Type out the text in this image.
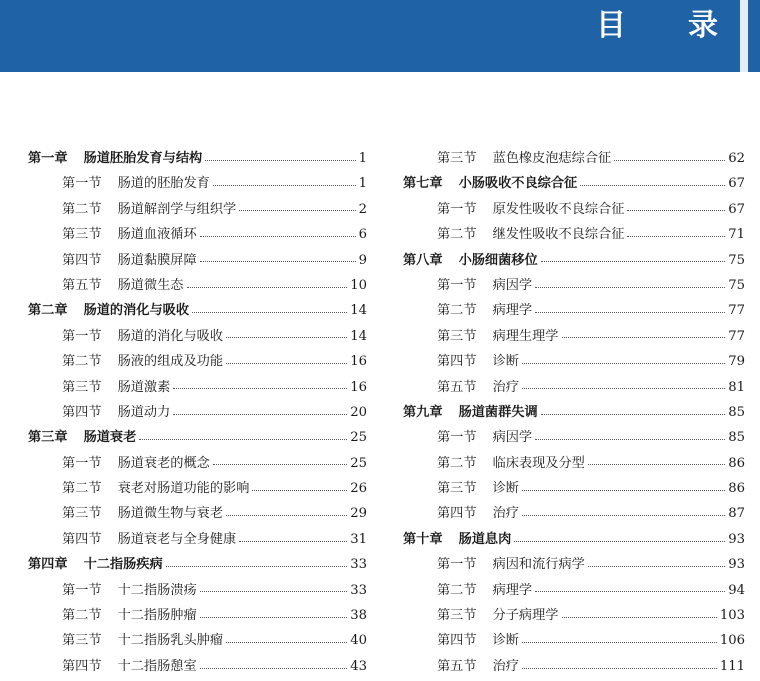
目 录
第一章 肠道胚胎发育与结构	1
第一节 肠道的胚胎发育	1
第二节 肠道解剖学与组织学	2
第三节 肠道血液循环	6
第四节 肠道黏膜屏障	9
第五节 肠道微生态	10
第二章 肠道的消化与吸收	14
第一节 肠道的消化与吸收	14
第二节 肠液的组成及功能	16
第三节 肠道激素	16
第四节 肠道动力	20
第三章 肠道衰老	25
第一节 肠道衰老的概念	25
第二节 衰老对肠道功能的影响	26
第三节 肠道微生物与衰老	29
第四节 肠道衰老与全身健康	31
第四章 十二指肠疾病	33
第一节 十二指肠溃疡	33
第二节 十二指肠肿瘤	38
第三节 十二指肠乳头肿瘤	40
第四节 十二指肠憩室	43
第三节 蓝色橡皮泡痣综合征	62
第七章 小肠吸收不良综合征	67
第一节 原发性吸收不良综合征	67
第二节 继发性吸收不良综合征	71
第八章 小肠细菌移位	75
第一节 病因学	75
第二节 病理学	77
第三节 病理生理学	77
第四节 诊断	79
第五节 治疗	81
第九章 肠道菌群失调	85
第一节 病因学	85
第二节 临床表现及分型	86
第三节 诊断	86
第四节 治疗	87
第十章 肠道息肉	93
第一节 病因和流行病学	93
第二节 病理学	94
第三节 分子病理学	103
第四节 诊断	106
第五节 治疗	111
